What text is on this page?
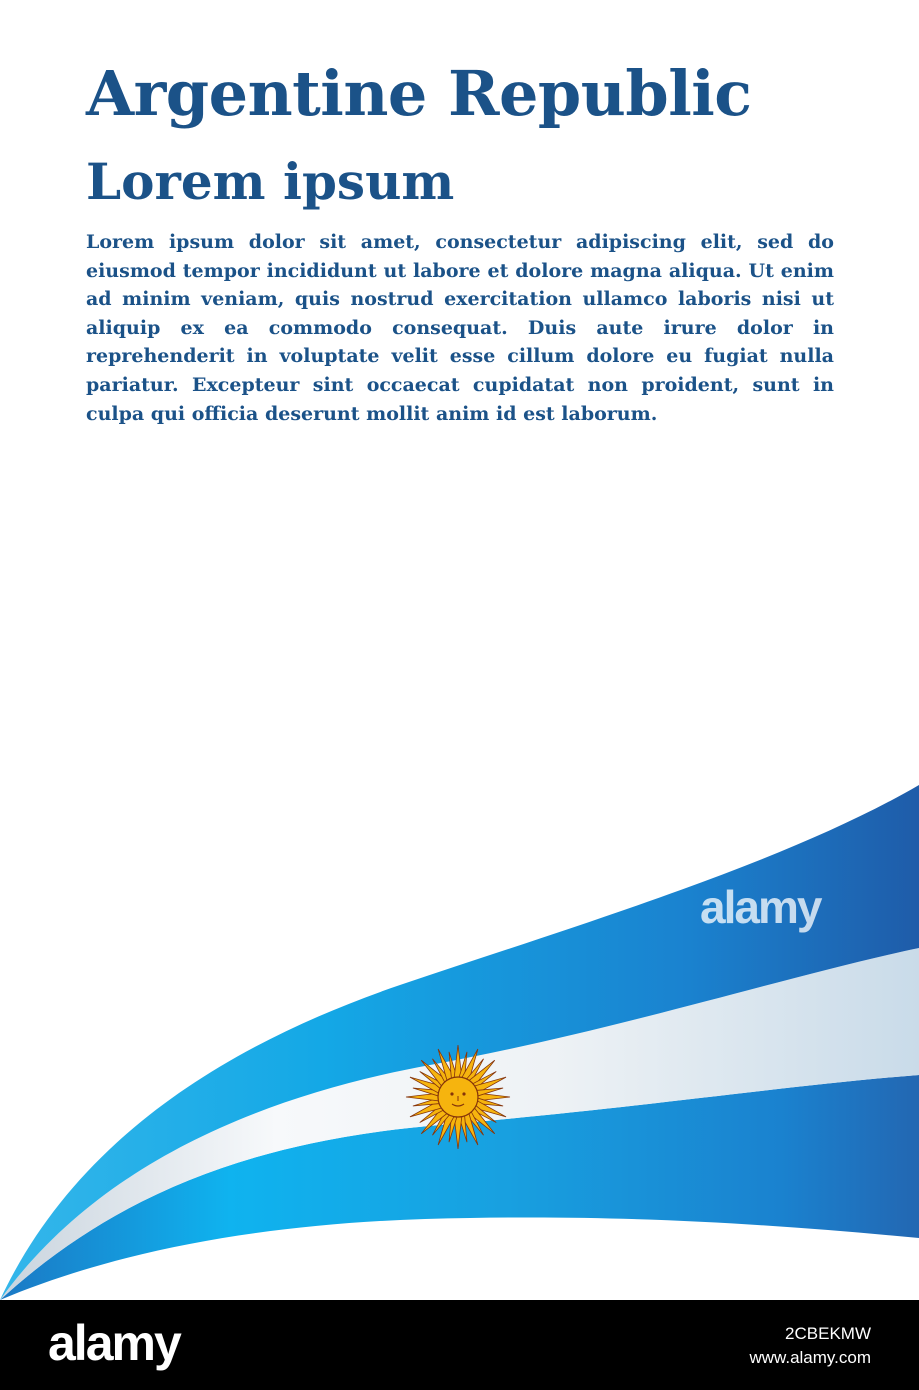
Argentine Republic
Lorem ipsum

Lorem ipsum dolor sit amet, consectetur adipiscing elit, sed do eiusmod tempor incididunt ut labore et dolore magna aliqua. Ut enim ad minim veniam, quis nostrud exercitation ullamco laboris nisi ut aliquip ex ea commodo consequat. Duis aute irure dolor in reprehenderit in voluptate velit esse cillum dolore eu fugiat nulla pariatur. Excepteur sint occaecat cupidatat non proident, sunt in culpa qui officia deserunt mollit anim id est laborum.

alamy
alamy	2CBEKMW
www.alamy.com
